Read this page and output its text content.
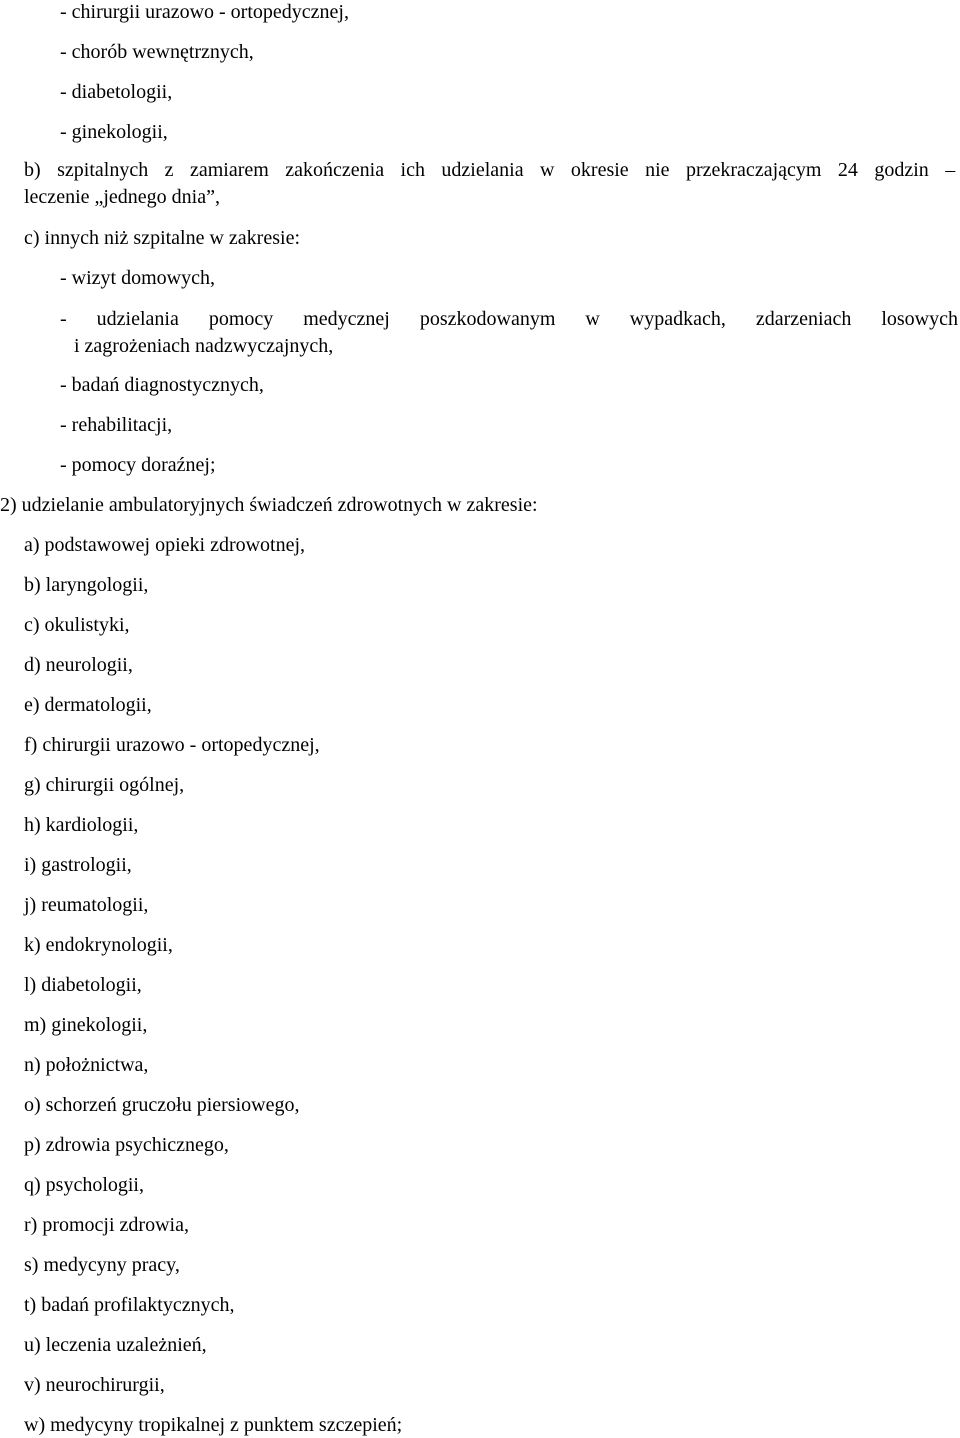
- chirurgii urazowo - ortopedycznej,
- chorób wewnętrznych,
- diabetologii,
- ginekologii,
b) szpitalnych z zamiarem zakończenia ich udzielania w okresie nie przekraczającym 24 godzin –
leczenie „jednego dnia”,
c) innych niż szpitalne w zakresie:
- wizyt domowych,
- udzielania pomocy medycznej poszkodowanym w wypadkach, zdarzeniach losowych
i zagrożeniach nadzwyczajnych,
- badań diagnostycznych,
- rehabilitacji,
- pomocy doraźnej;
2) udzielanie ambulatoryjnych świadczeń zdrowotnych w zakresie:
a) podstawowej opieki zdrowotnej,
b) laryngologii,
c) okulistyki,
d) neurologii,
e) dermatologii,
f) chirurgii urazowo - ortopedycznej,
g) chirurgii ogólnej,
h) kardiologii,
i) gastrologii,
j) reumatologii,
k) endokrynologii,
l) diabetologii,
m) ginekologii,
n) położnictwa,
o) schorzeń gruczołu piersiowego,
p) zdrowia psychicznego,
q) psychologii,
r) promocji zdrowia,
s) medycyny pracy,
t) badań profilaktycznych,
u) leczenia uzależnień,
v) neurochirurgii,
w) medycyny tropikalnej z punktem szczepień;
